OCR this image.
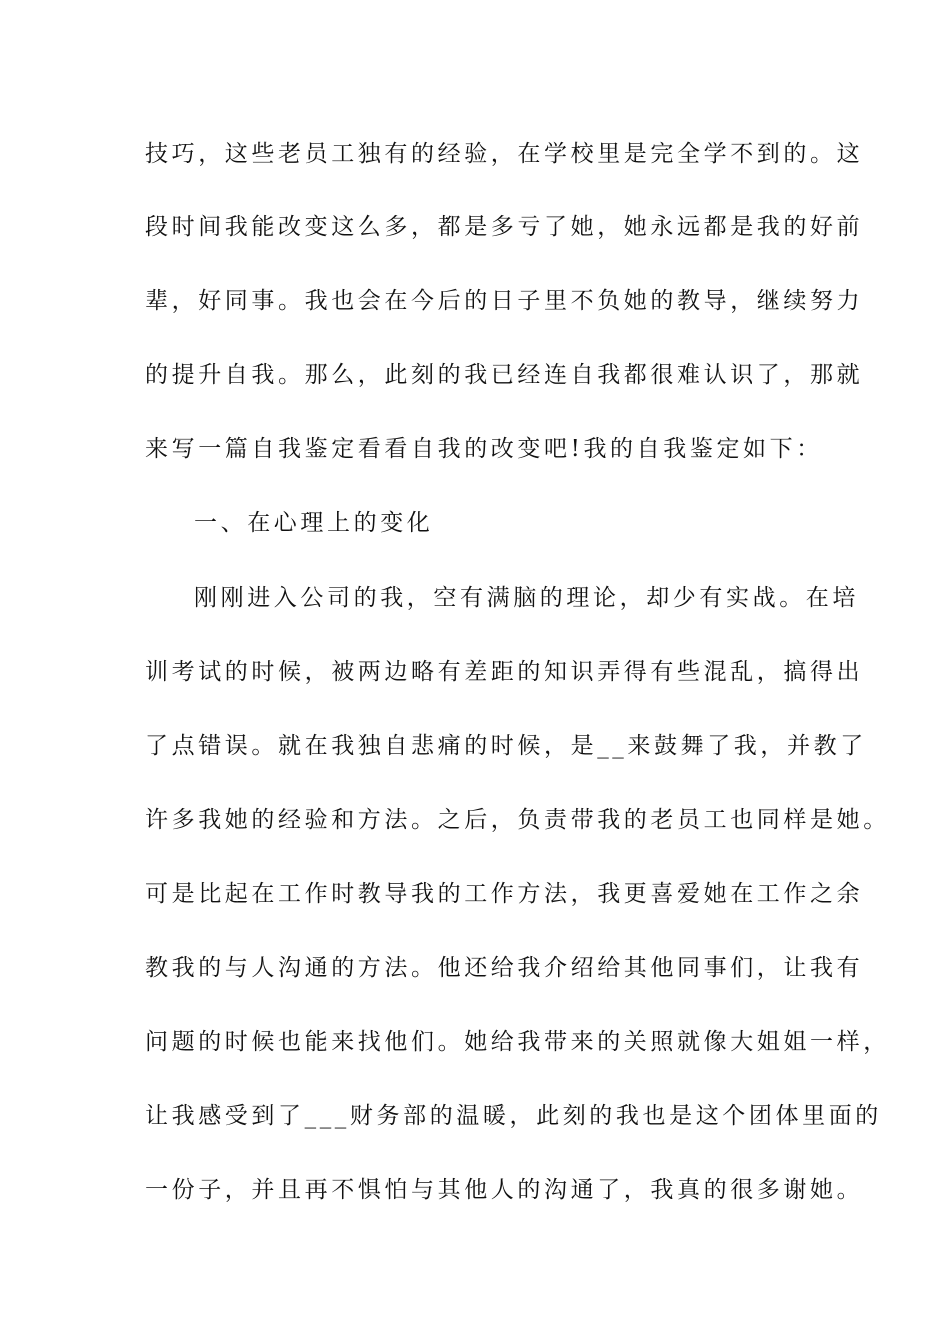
技巧，这些老员工独有的经验，在学校里是完全学不到的。这
段时间我能改变这么多，都是多亏了她，她永远都是我的好前
辈，好同事。我也会在今后的日子里不负她的教导，继续努力
的提升自我。那么，此刻的我已经连自我都很难认识了，那就
来写一篇自我鉴定看看自我的改变吧!我的自我鉴定如下：
一、在心理上的变化
刚刚进入公司的我，空有满脑的理论，却少有实战。在培
训考试的时候，被两边略有差距的知识弄得有些混乱，搞得出
了点错误。就在我独自悲痛的时候，是__来鼓舞了我，并教了
许多我她的经验和方法。之后，负责带我的老员工也同样是她。
可是比起在工作时教导我的工作方法，我更喜爱她在工作之余
教我的与人沟通的方法。他还给我介绍给其他同事们，让我有
问题的时候也能来找他们。她给我带来的关照就像大姐姐一样，
让我感受到了___财务部的温暖，此刻的我也是这个团体里面的
一份子，并且再不惧怕与其他人的沟通了，我真的很多谢她。
